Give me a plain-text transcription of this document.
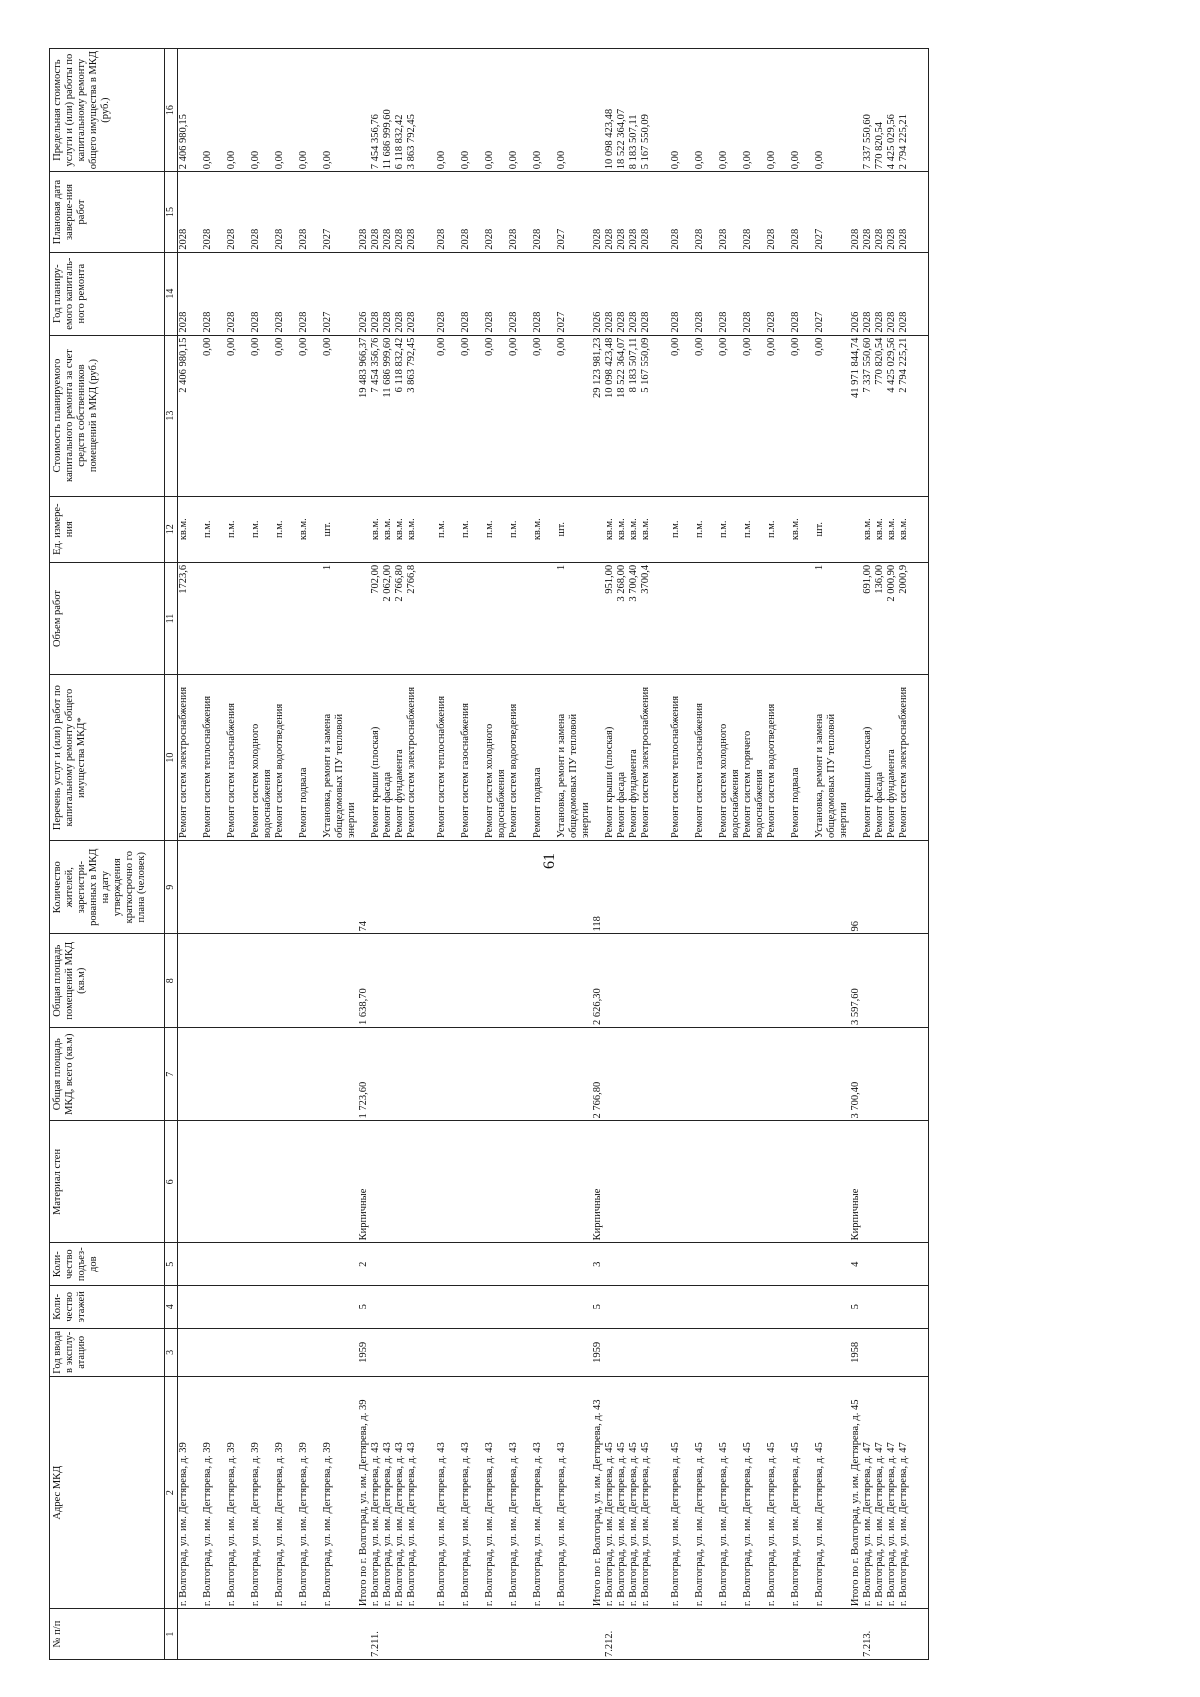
61
№ п/п	Адрес МКД	Год ввода в эксплу-атацию	Коли-чество этажей	Коли-чество подъез-дов	Материал стен	Общая площадь МКД, всего (кв.м)	Общая площадь помещений МКД (кв.м)	Количество жителей, зарегистри-рованных в МКД на дату утверждения краткосрочно го плана (человек)	Перечень услуг и (или) работ по капитальному ремонту общего имущества МКД*	Объем работ	Ед. измере-ния	Стоимость планируемого капитального ремонта за счет средств собственников помещений в МКД (руб.)	Год планиру-емого капиталь-ного ремонта	Плановая дата заверше-ния работ	Предельная стоимость услуги и (или) работы по капитальному ремонту общего имущества в МКД (руб.)
1	2	3	4	5	6	7	8	9	10	11	12	13	14	15	16
	г. Волгоград, ул. им. Дегтярева, д. 39								Ремонт систем электроснабжения	1723,6	кв.м.	2 406 980,15	2028	2028	2 406 980,15
	г. Волгоград, ул. им. Дегтярева, д. 39								Ремонт систем теплоснабжения		п.м.	0,00	2028	2028	0,00
	г. Волгоград, ул. им. Дегтярева, д. 39								Ремонт систем газоснабжения		п.м.	0,00	2028	2028	0,00
	г. Волгоград, ул. им. Дегтярева, д. 39								Ремонт систем холодного водоснабжения		п.м.	0,00	2028	2028	0,00
	г. Волгоград, ул. им. Дегтярева, д. 39								Ремонт систем водоотведения		п.м.	0,00	2028	2028	0,00
	г. Волгоград, ул. им. Дегтярева, д. 39								Ремонт подвала		кв.м.	0,00	2028	2028	0,00
	г. Волгоград, ул. им. Дегтярева, д. 39								Установка, ремонт и замена общедомовых ПУ тепловой энергии	1	шт.	0,00	2027	2027	0,00
	Итого по г. Волгоград, ул. им. Дегтярева, д. 39	1959	5	2	Кирпичные	1 723,60	1 638,70	74				19 483 966,37	2026	2028	
7.211.	г. Волгоград, ул. им. Дегтярева, д. 43								Ремонт крыши (плоская)	702,00	кв.м.	7 454 356,76	2028	2028	7 454 356,76
	г. Волгоград, ул. им. Дегтярева, д. 43								Ремонт фасада	2 062,00	кв.м.	11 686 999,60	2028	2028	11 686 999,60
	г. Волгоград, ул. им. Дегтярева, д. 43								Ремонт фундамента	2 766,80	кв.м.	6 118 832,42	2028	2028	6 118 832,42
	г. Волгоград, ул. им. Дегтярева, д. 43								Ремонт систем электроснабжения	2766,8	кв.м.	3 863 792,45	2028	2028	3 863 792,45
	г. Волгоград, ул. им. Дегтярева, д. 43								Ремонт систем теплоснабжения		п.м.	0,00	2028	2028	0,00
	г. Волгоград, ул. им. Дегтярева, д. 43								Ремонт систем газоснабжения		п.м.	0,00	2028	2028	0,00
	г. Волгоград, ул. им. Дегтярева, д. 43								Ремонт систем холодного водоснабжения		п.м.	0,00	2028	2028	0,00
	г. Волгоград, ул. им. Дегтярева, д. 43								Ремонт систем водоотведения		п.м.	0,00	2028	2028	0,00
	г. Волгоград, ул. им. Дегтярева, д. 43								Ремонт подвала		кв.м.	0,00	2028	2028	0,00
	г. Волгоград, ул. им. Дегтярева, д. 43								Установка, ремонт и замена общедомовых ПУ тепловой энергии	1	шт.	0,00	2027	2027	0,00
	Итого по г. Волгоград, ул. им. Дегтярева, д. 43	1959	5	3	Кирпичные	2 766,80	2 626,30	118				29 123 981,23	2026	2028	
7.212.	г. Волгоград, ул. им. Дегтярева, д. 45								Ремонт крыши (плоская)	951,00	кв.м.	10 098 423,48	2028	2028	10 098 423,48
	г. Волгоград, ул. им. Дегтярева, д. 45								Ремонт фасада	3 268,00	кв.м.	18 522 364,07	2028	2028	18 522 364,07
	г. Волгоград, ул. им. Дегтярева, д. 45								Ремонт фундамента	3 700,40	кв.м.	8 183 507,11	2028	2028	8 183 507,11
	г. Волгоград, ул. им. Дегтярева, д. 45								Ремонт систем электроснабжения	3700,4	кв.м.	5 167 550,09	2028	2028	5 167 550,09
	г. Волгоград, ул. им. Дегтярева, д. 45								Ремонт систем теплоснабжения		п.м.	0,00	2028	2028	0,00
	г. Волгоград, ул. им. Дегтярева, д. 45								Ремонт систем газоснабжения		п.м.	0,00	2028	2028	0,00
	г. Волгоград, ул. им. Дегтярева, д. 45								Ремонт систем холодного водоснабжения		п.м.	0,00	2028	2028	0,00
	г. Волгоград, ул. им. Дегтярева, д. 45								Ремонт систем горячего водоснабжения		п.м.	0,00	2028	2028	0,00
	г. Волгоград, ул. им. Дегтярева, д. 45								Ремонт систем водоотведения		п.м.	0,00	2028	2028	0,00
	г. Волгоград, ул. им. Дегтярева, д. 45								Ремонт подвала		кв.м.	0,00	2028	2028	0,00
	г. Волгоград, ул. им. Дегтярева, д. 45								Установка, ремонт и замена общедомовых ПУ тепловой энергии	1	шт.	0,00	2027	2027	0,00
	Итого по г. Волгоград, ул. им. Дегтярева, д. 45	1958	5	4	Кирпичные	3 700,40	3 597,60	96				41 971 844,74	2026	2028	
7.213.	г. Волгоград, ул. им. Дегтярева, д. 47								Ремонт крыши (плоская)	691,00	кв.м.	7 337 550,60	2028	2028	7 337 550,60
	г. Волгоград, ул. им. Дегтярева, д. 47								Ремонт фасада	136,00	кв.м.	770 820,54	2028	2028	770 820,54
	г. Волгоград, ул. им. Дегтярева, д. 47								Ремонт фундамента	2 000,90	кв.м.	4 425 029,56	2028	2028	4 425 029,56
	г. Волгоград, ул. им. Дегтярева, д. 47								Ремонт систем электроснабжения	2000,9	кв.м.	2 794 225,21	2028	2028	2 794 225,21
